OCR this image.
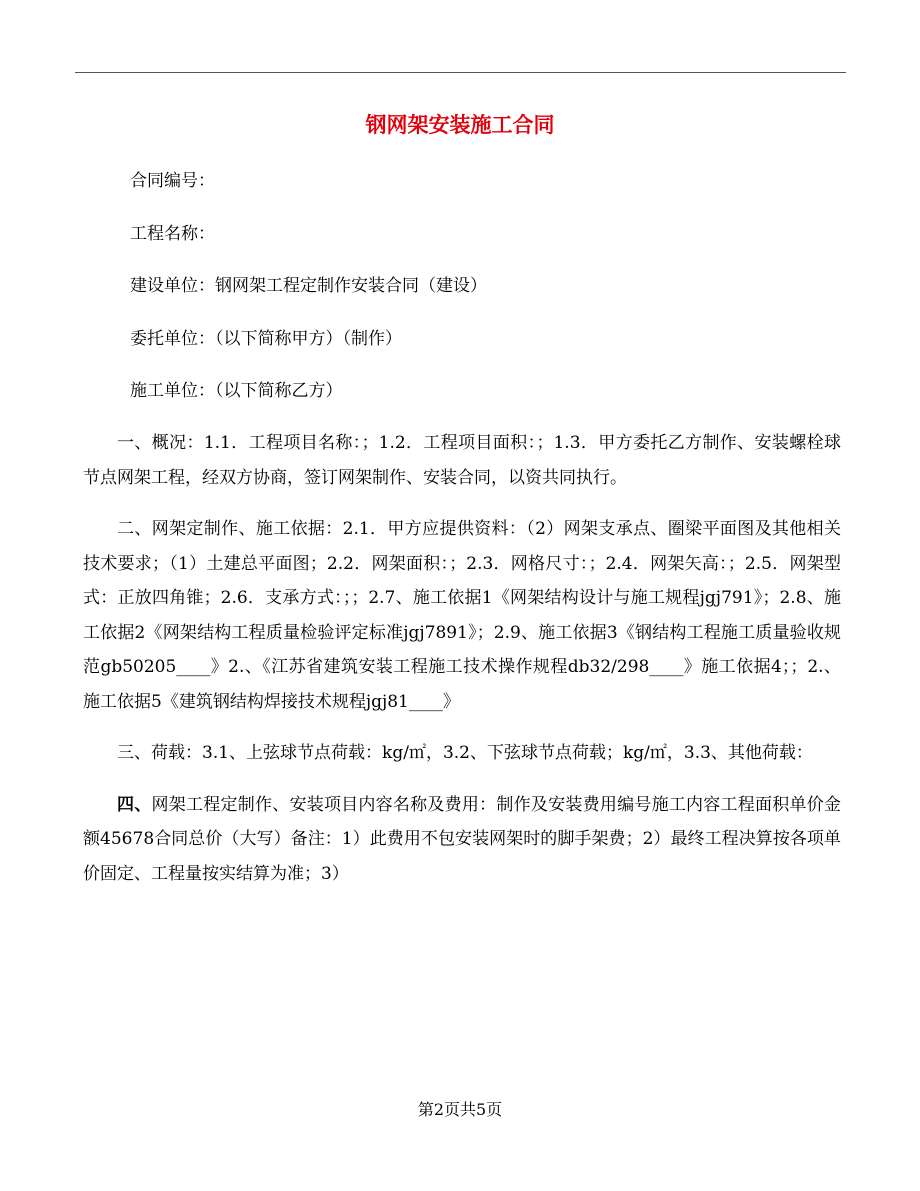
钢网架安装施工合同

合同编号：

工程名称：

建设单位：钢网架工程定制作安装合同（建设）

委托单位：（以下简称甲方）（制作）

施工单位：（以下简称乙方）

一、概况：1.1．工程项目名称：；1.2．工程项目面积：；1.3．甲方委托乙方制作、安装螺栓球节点网架工程，经双方协商，签订网架制作、安装合同，以资共同执行。

二、网架定制作、施工依据：2.1．甲方应提供资料：（2）网架支承点、圈梁平面图及其他相关技术要求；（1）土建总平面图；2.2．网架面积：；2.3．网格尺寸：；2.4．网架矢高：；2.5．网架型式：正放四角锥；2.6．支承方式：；；2.7、施工依据1《网架结构设计与施工规程jgj791》；2.8、施工依据2《网架结构工程质量检验评定标准jgj7891》；2.9、施工依据3《钢结构工程施工质量验收规范gb50205____》2.、《江苏省建筑安装工程施工技术操作规程db32/298____》施工依据4；；2.、施工依据5《建筑钢结构焊接技术规程jgj81____》

三、荷载：3.1、上弦球节点荷载：kg/㎡，3.2、下弦球节点荷载；kg/㎡，3.3、其他荷载：

四、网架工程定制作、安装项目内容名称及费用：制作及安装费用编号施工内容工程面积单价金额45678合同总价（大写）备注：1）此费用不包安装网架时的脚手架费；2）最终工程决算按各项单价固定、工程量按实结算为准；3）

第2页共5页
